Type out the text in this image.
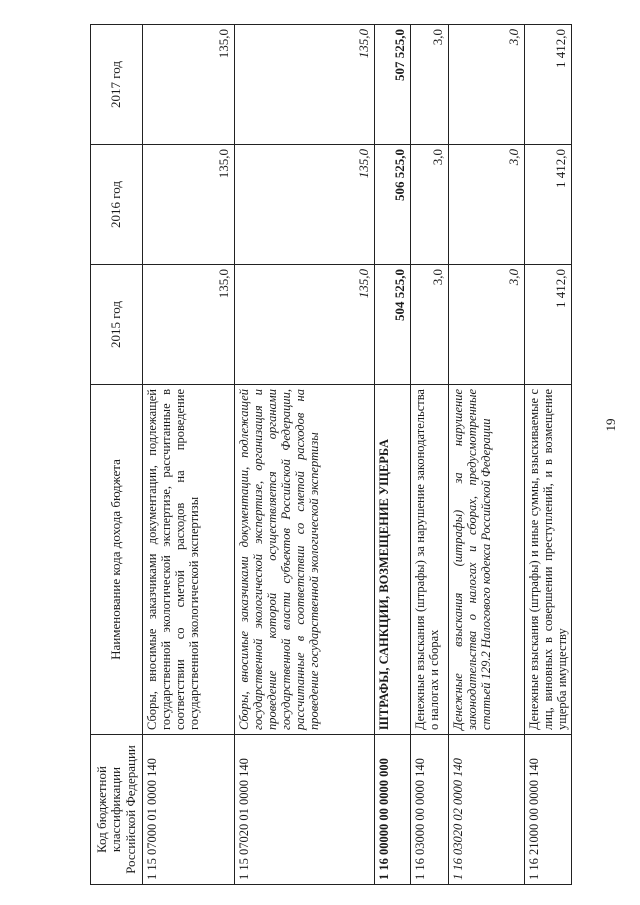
19
Код бюджетной классификации Российской Федерации	Наименование кода дохода бюджета	2015 год	2016 год	2017 год
1 15 07000 01 0000 140	Сборы, вносимые заказчиками документации, подлежащей государственной экологической экспертизе, рассчитанные в соответствии со сметой расходов на проведение государственной экологической экспертизы	135,0	135,0	135,0
1 15 07020 01 0000 140	Сборы, вносимые заказчиками документации, подлежащей государственной экологической экспертизе, организация и проведение которой осуществляется органами государственной власти субъектов Российской Федерации, рассчитанные в соответствии со сметой расходов на проведение государственной экологической экспертизы	135,0	135,0	135,0
1 16 00000 00 0000 000	ШТРАФЫ, САНКЦИИ, ВОЗМЕЩЕНИЕ УЩЕРБА	504 525,0	506 525,0	507 525,0
1 16 03000 00 0000 140	Денежные взыскания (штрафы) за нарушение законодательства о налогах и сборах	3,0	3,0	3,0
1 16 03020 02 0000 140	Денежные взыскания (штрафы) за нарушение законодательства о налогах и сборах, предусмотренные статьей 129.2 Налогового кодекса Российской Федерации	3,0	3,0	3,0
1 16 21000 00 0000 140	Денежные взыскания (штрафы) и иные суммы, взыскиваемые с лиц, виновных в совершении преступлений, и в возмещение ущерба имуществу	1 412,0	1 412,0	1 412,0
